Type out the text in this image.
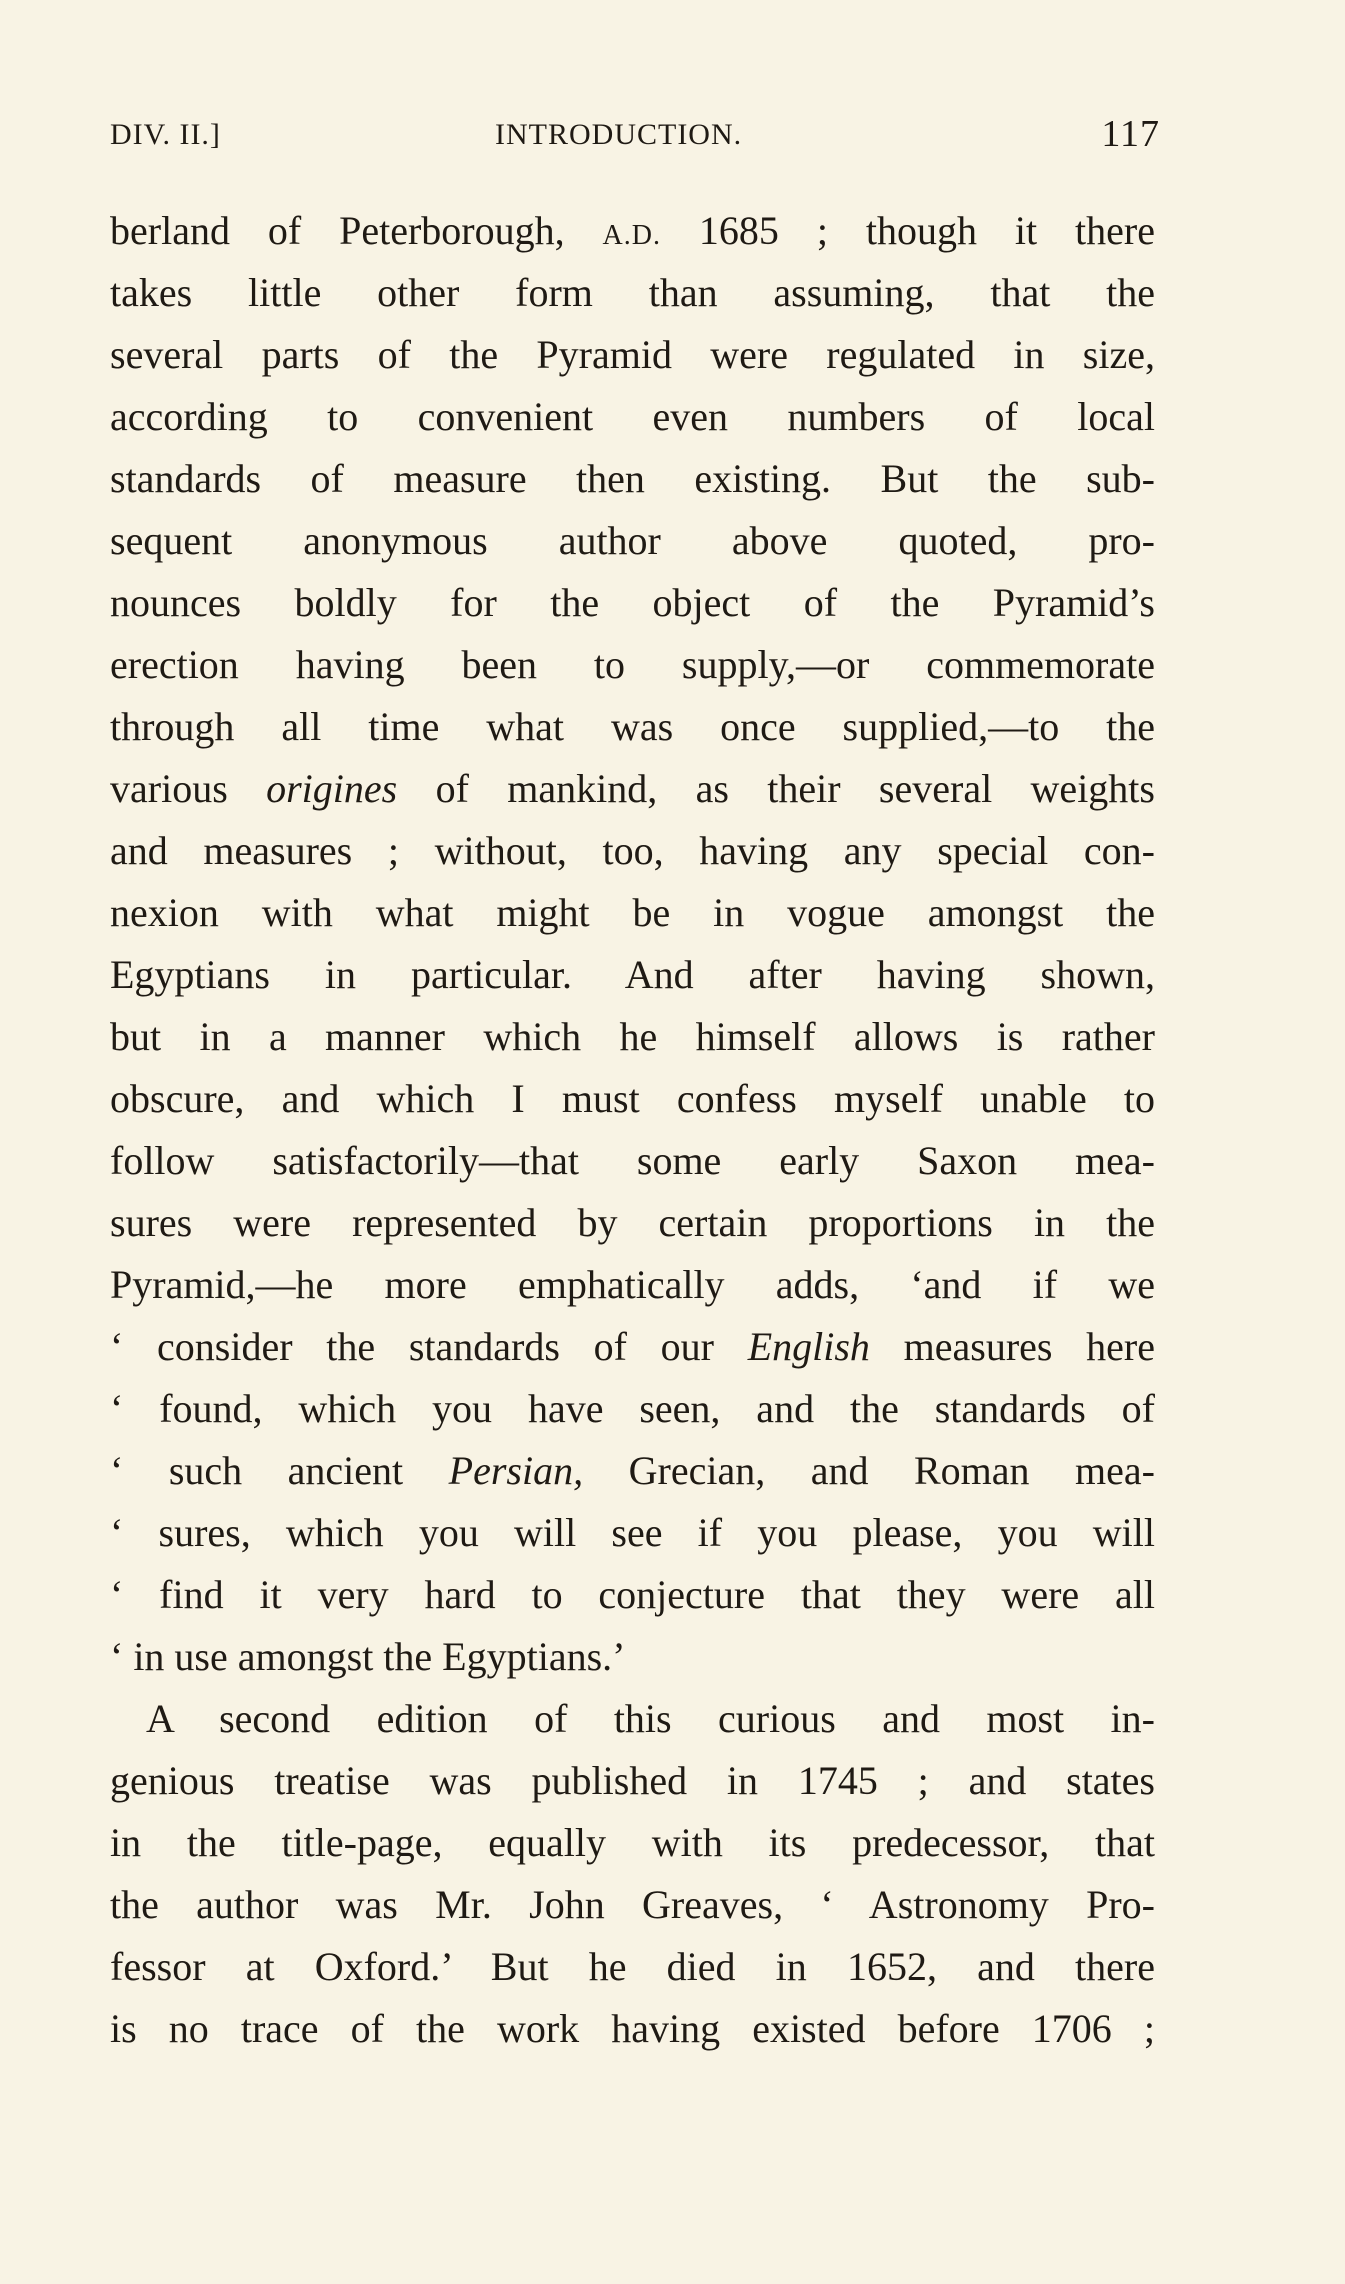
DIV. II.]	INTRODUCTION.	117
berland of Peterborough, A.D. 1685 ; though it there
takes little other form than assuming, that the
several parts of the Pyramid were regulated in size,
according to convenient even numbers of local
standards of measure then existing. But the sub-
sequent anonymous author above quoted, pro-
nounces boldly for the object of the Pyramid’s
erection having been to supply,—or commemorate
through all time what was once supplied,—to the
various origines of mankind, as their several weights
and measures ; without, too, having any special con-
nexion with what might be in vogue amongst the
Egyptians in particular. And after having shown,
but in a manner which he himself allows is rather
obscure, and which I must confess myself unable to
follow satisfactorily—that some early Saxon mea-
sures were represented by certain proportions in the
Pyramid,—he more emphatically adds, ‘and if we
‘ consider the standards of our English measures here
‘ found, which you have seen, and the standards of
‘ such ancient Persian, Grecian, and Roman mea-
‘ sures, which you will see if you please, you will
‘ find it very hard to conjecture that they were all
‘ in use amongst the Egyptians.’
A second edition of this curious and most in-
genious treatise was published in 1745 ; and states
in the title-page, equally with its predecessor, that
the author was Mr. John Greaves, ‘ Astronomy Pro-
fessor at Oxford.’ But he died in 1652, and there
is no trace of the work having existed before 1706 ;
